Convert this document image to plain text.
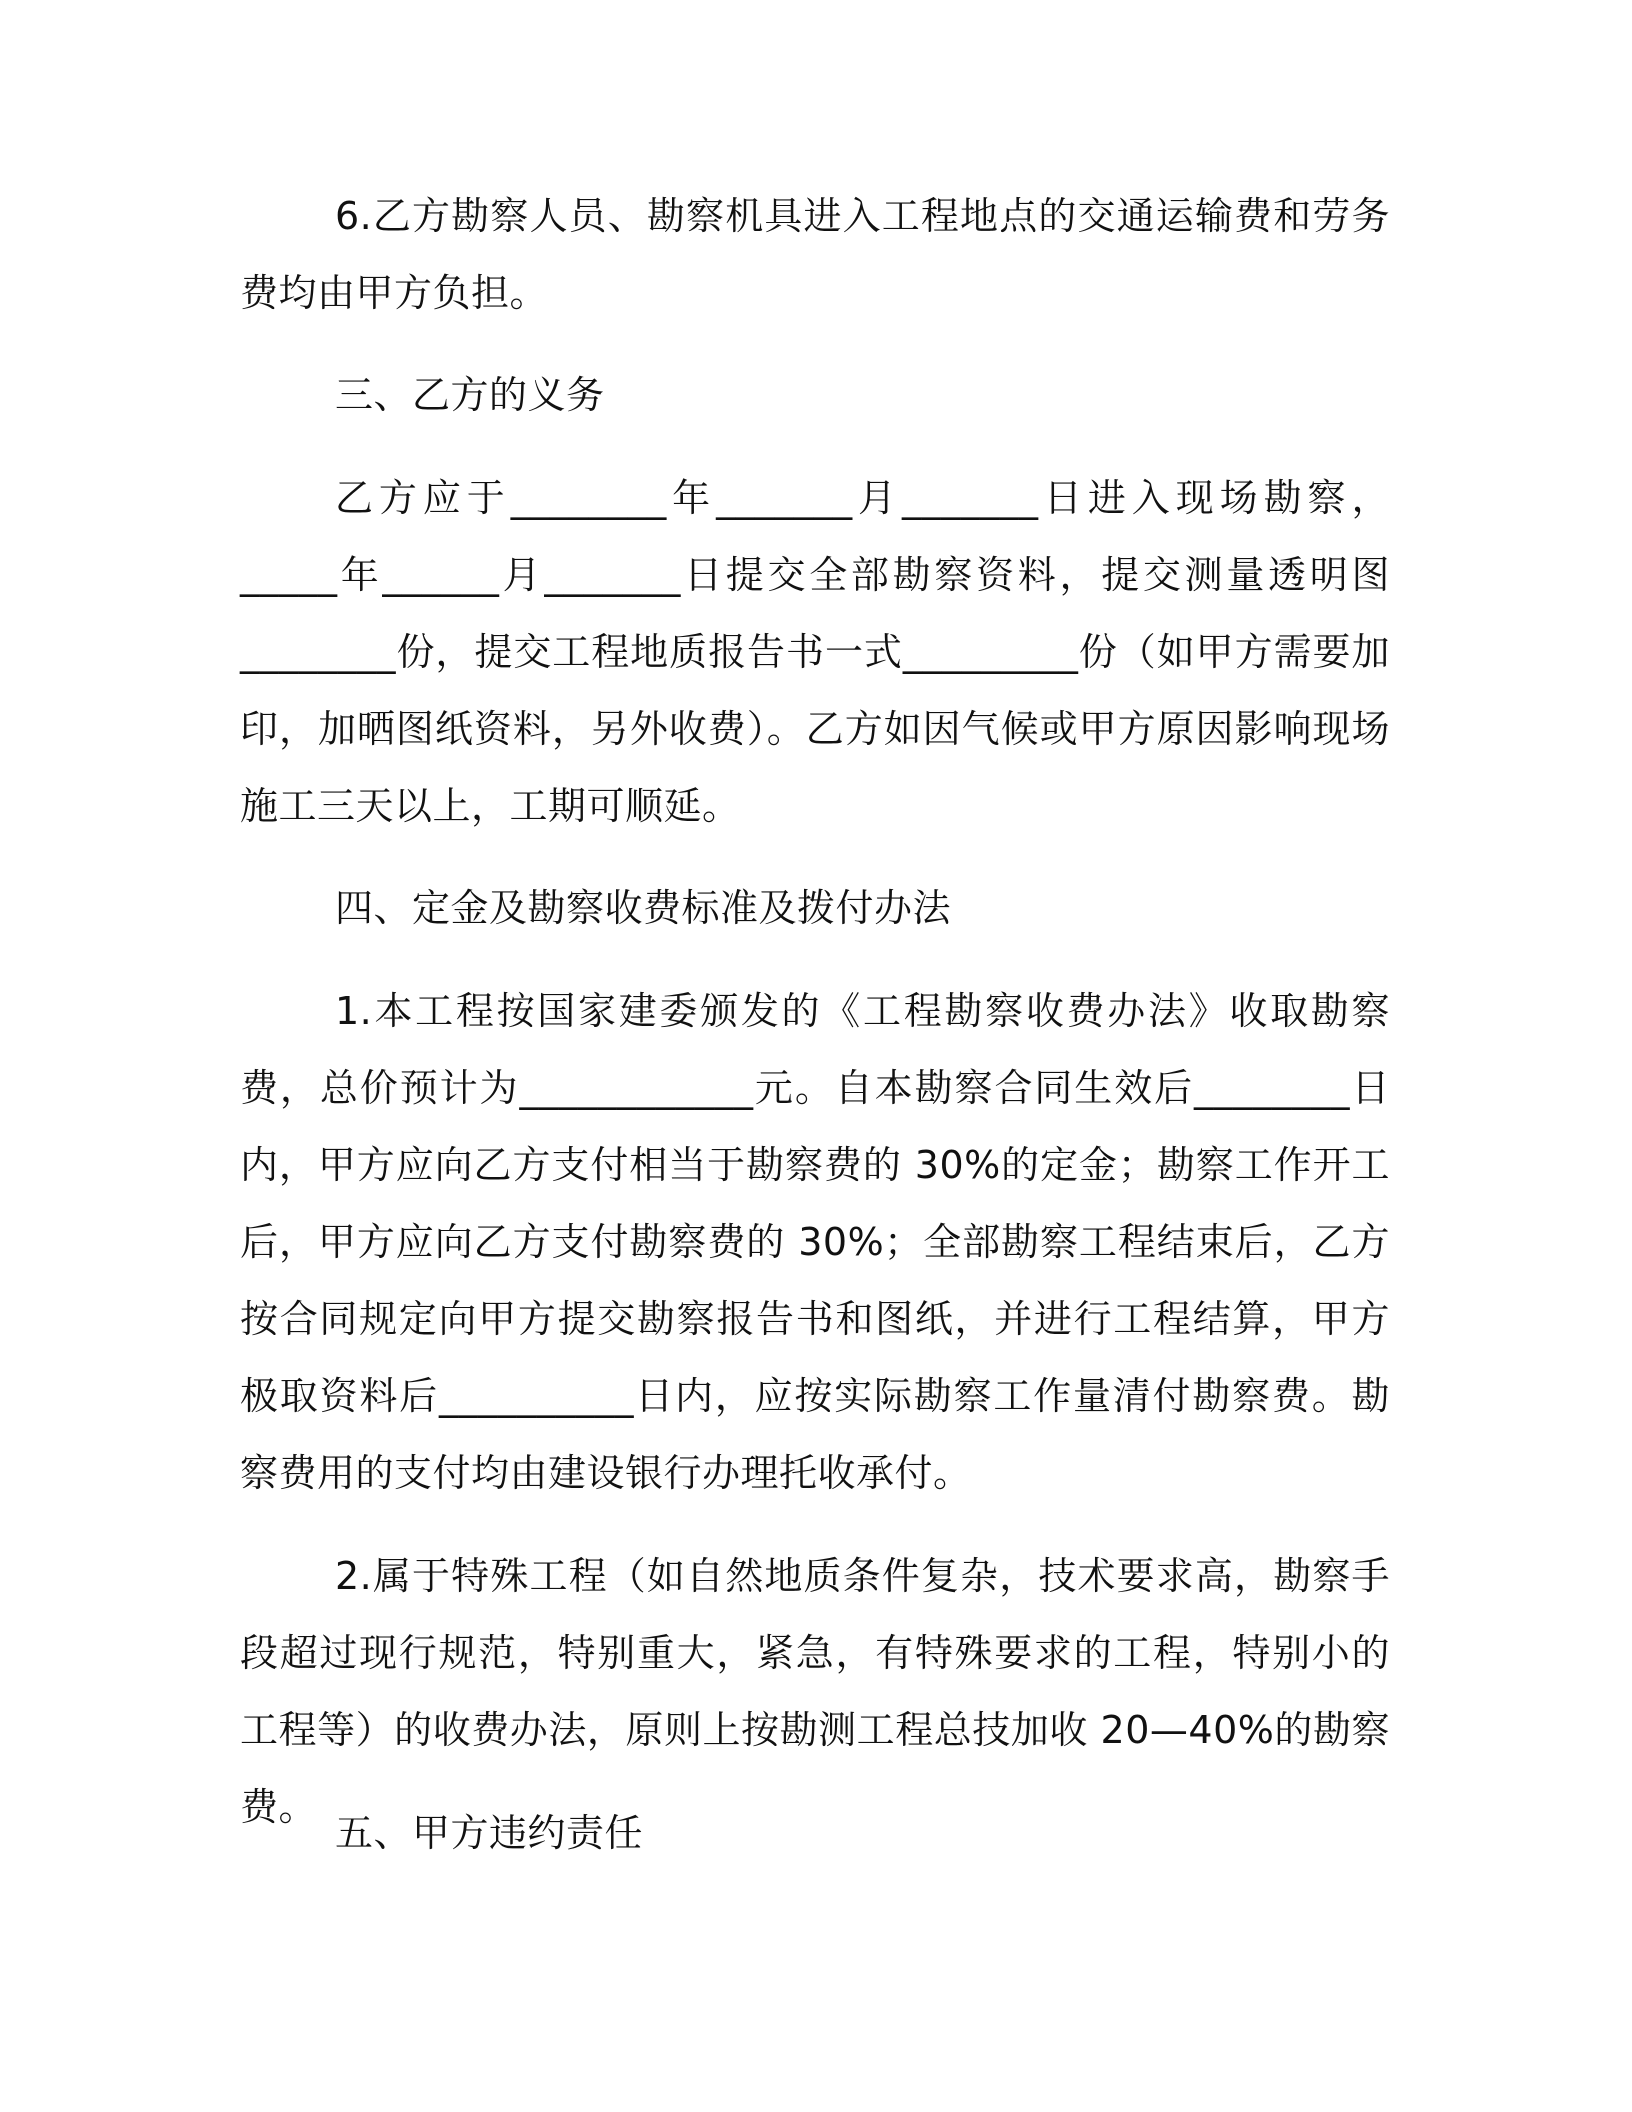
6.乙方勘察人员、勘察机具进入工程地点的交通运输费和劳务费均由甲方负担。

三、乙方的义务

乙方应于________年_______月_______日进入现场勘察，_____年______月_______日提交全部勘察资料，提交测量透明图________份，提交工程地质报告书一式_________份（如甲方需要加印，加晒图纸资料，另外收费）。乙方如因气候或甲方原因影响现场施工三天以上，工期可顺延。

四、定金及勘察收费标准及拨付办法

1.本工程按国家建委颁发的《工程勘察收费办法》收取勘察费，总价预计为____________元。自本勘察合同生效后________日内，甲方应向乙方支付相当于勘察费的 30%的定金；勘察工作开工后，甲方应向乙方支付勘察费的 30%；全部勘察工程结束后，乙方按合同规定向甲方提交勘察报告书和图纸，并进行工程结算，甲方极取资料后__________日内，应按实际勘察工作量清付勘察费。勘察费用的支付均由建设银行办理托收承付。

2.属于特殊工程（如自然地质条件复杂，技术要求高，勘察手段超过现行规范，特别重大，紧急，有特殊要求的工程，特别小的工程等）的收费办法，原则上按勘测工程总技加收 20—40%的勘察费。

五、甲方违约责任
